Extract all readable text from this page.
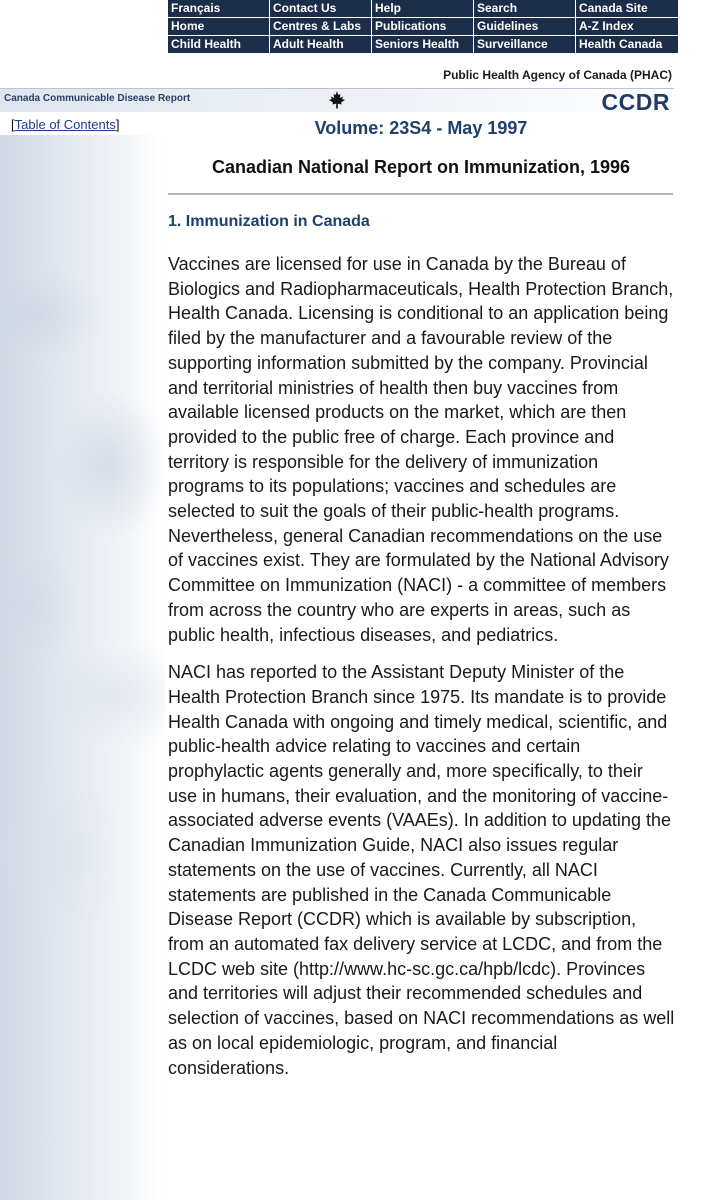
Français	Contact Us	Help	Search	Canada Site
Home	Centres & Labs	Publications	Guidelines	A-Z Index
Child Health	Adult Health	Seniors Health	Surveillance	Health Canada
Public Health Agency of Canada (PHAC)
Canada Communicable Disease Report	CCDR
[Table of Contents]	Volume: 23S4 - May 1997
Canadian National Report on Immunization, 1996
1. Immunization in Canada

Vaccines are licensed for use in Canada by the Bureau of Biologics and Radiopharmaceuticals, Health Protection Branch, Health Canada. Licensing is conditional to an application being filed by the manufacturer and a favourable review of the supporting information submitted by the company. Provincial and territorial ministries of health then buy vaccines from available licensed products on the market, which are then provided to the public free of charge. Each province and territory is responsible for the delivery of immunization programs to its populations; vaccines and schedules are selected to suit the goals of their public-health programs. Nevertheless, general Canadian recommendations on the use of vaccines exist. They are formulated by the National Advisory Committee on Immunization (NACI) - a committee of members from across the country who are experts in areas, such as public health, infectious diseases, and pediatrics.

NACI has reported to the Assistant Deputy Minister of the Health Protection Branch since 1975. Its mandate is to provide Health Canada with ongoing and timely medical, scientific, and public-health advice relating to vaccines and certain prophylactic agents generally and, more specifically, to their use in humans, their evaluation, and the monitoring of vaccine-associated adverse events (VAAEs). In addition to updating the Canadian Immunization Guide, NACI also issues regular statements on the use of vaccines. Currently, all NACI statements are published in the Canada Communicable Disease Report (CCDR) which is available by subscription, from an automated fax delivery service at LCDC, and from the LCDC web site (http://www.hc-sc.gc.ca/hpb/lcdc). Provinces and territories will adjust their recommended schedules and selection of vaccines, based on NACI recommendations as well as on local epidemiologic, program, and financial considerations.
